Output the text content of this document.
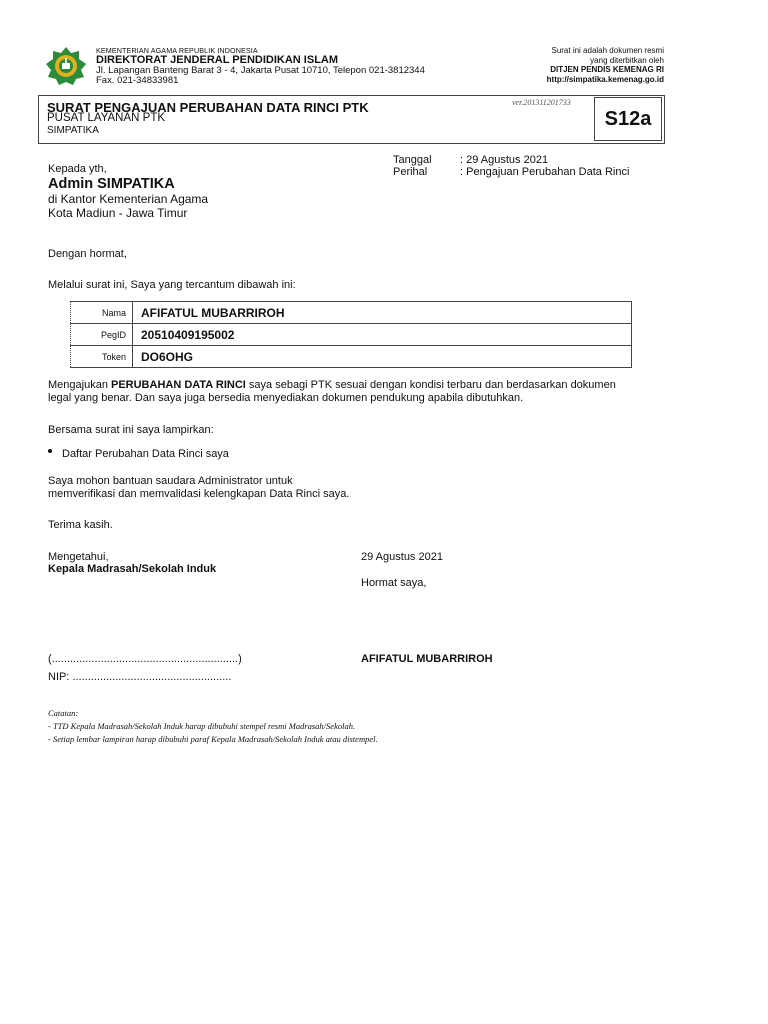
KEMENTERIAN AGAMA REPUBLIK INDONESIA
DIREKTORAT JENDERAL PENDIDIKAN ISLAM
Jl. Lapangan Banteng Barat 3 - 4, Jakarta Pusat 10710, Telepon 021-3812344
Fax. 021-34833981
Surat ini adalah dokumen resmi
yang diterbitkan oleh
DITJEN PENDIS KEMENAG RI
http://simpatika.kemenag.go.id
SURAT PENGAJUAN PERUBAHAN DATA RINCI PTK
PUSAT LAYANAN PTK
SIMPATIKA
ver.201311201733
S12a
Kepada yth,
Admin SIMPATIKA
di Kantor Kementerian Agama
Kota Madiun - Jawa Timur
Tanggal	: 29 Agustus 2021
Perihal	: Pengajuan Perubahan Data Rinci
Dengan hormat,
Melalui surat ini, Saya yang tercantum dibawah ini:
Nama	AFIFATUL MUBARRIROH
PegID	20510409195002
Token	DO6OHG
Mengajukan PERUBAHAN DATA RINCI saya sebagi PTK sesuai dengan kondisi terbaru dan berdasarkan dokumen
legal yang benar. Dan saya juga bersedia menyediakan dokumen pendukung apabila dibutuhkan.
Bersama surat ini saya lampirkan:
Daftar Perubahan Data Rinci saya
Saya mohon bantuan saudara Administrator untuk
memverifikasi dan memvalidasi kelengkapan Data Rinci saya.
Terima kasih.
Mengetahui,
Kepala Madrasah/Sekolah Induk
29 Agustus 2021
Hormat saya,
(.............................................................)
NIP: ....................................................
AFIFATUL MUBARRIROH
Catatan:
- TTD Kepala Madrasah/Sekolah Induk harap dibubuhi stempel resmi Madrasah/Sekolah.
- Setiap lembar lampiran harap dibubuhi paraf Kepala Madrasah/Sekolah Induk atau distempel.
